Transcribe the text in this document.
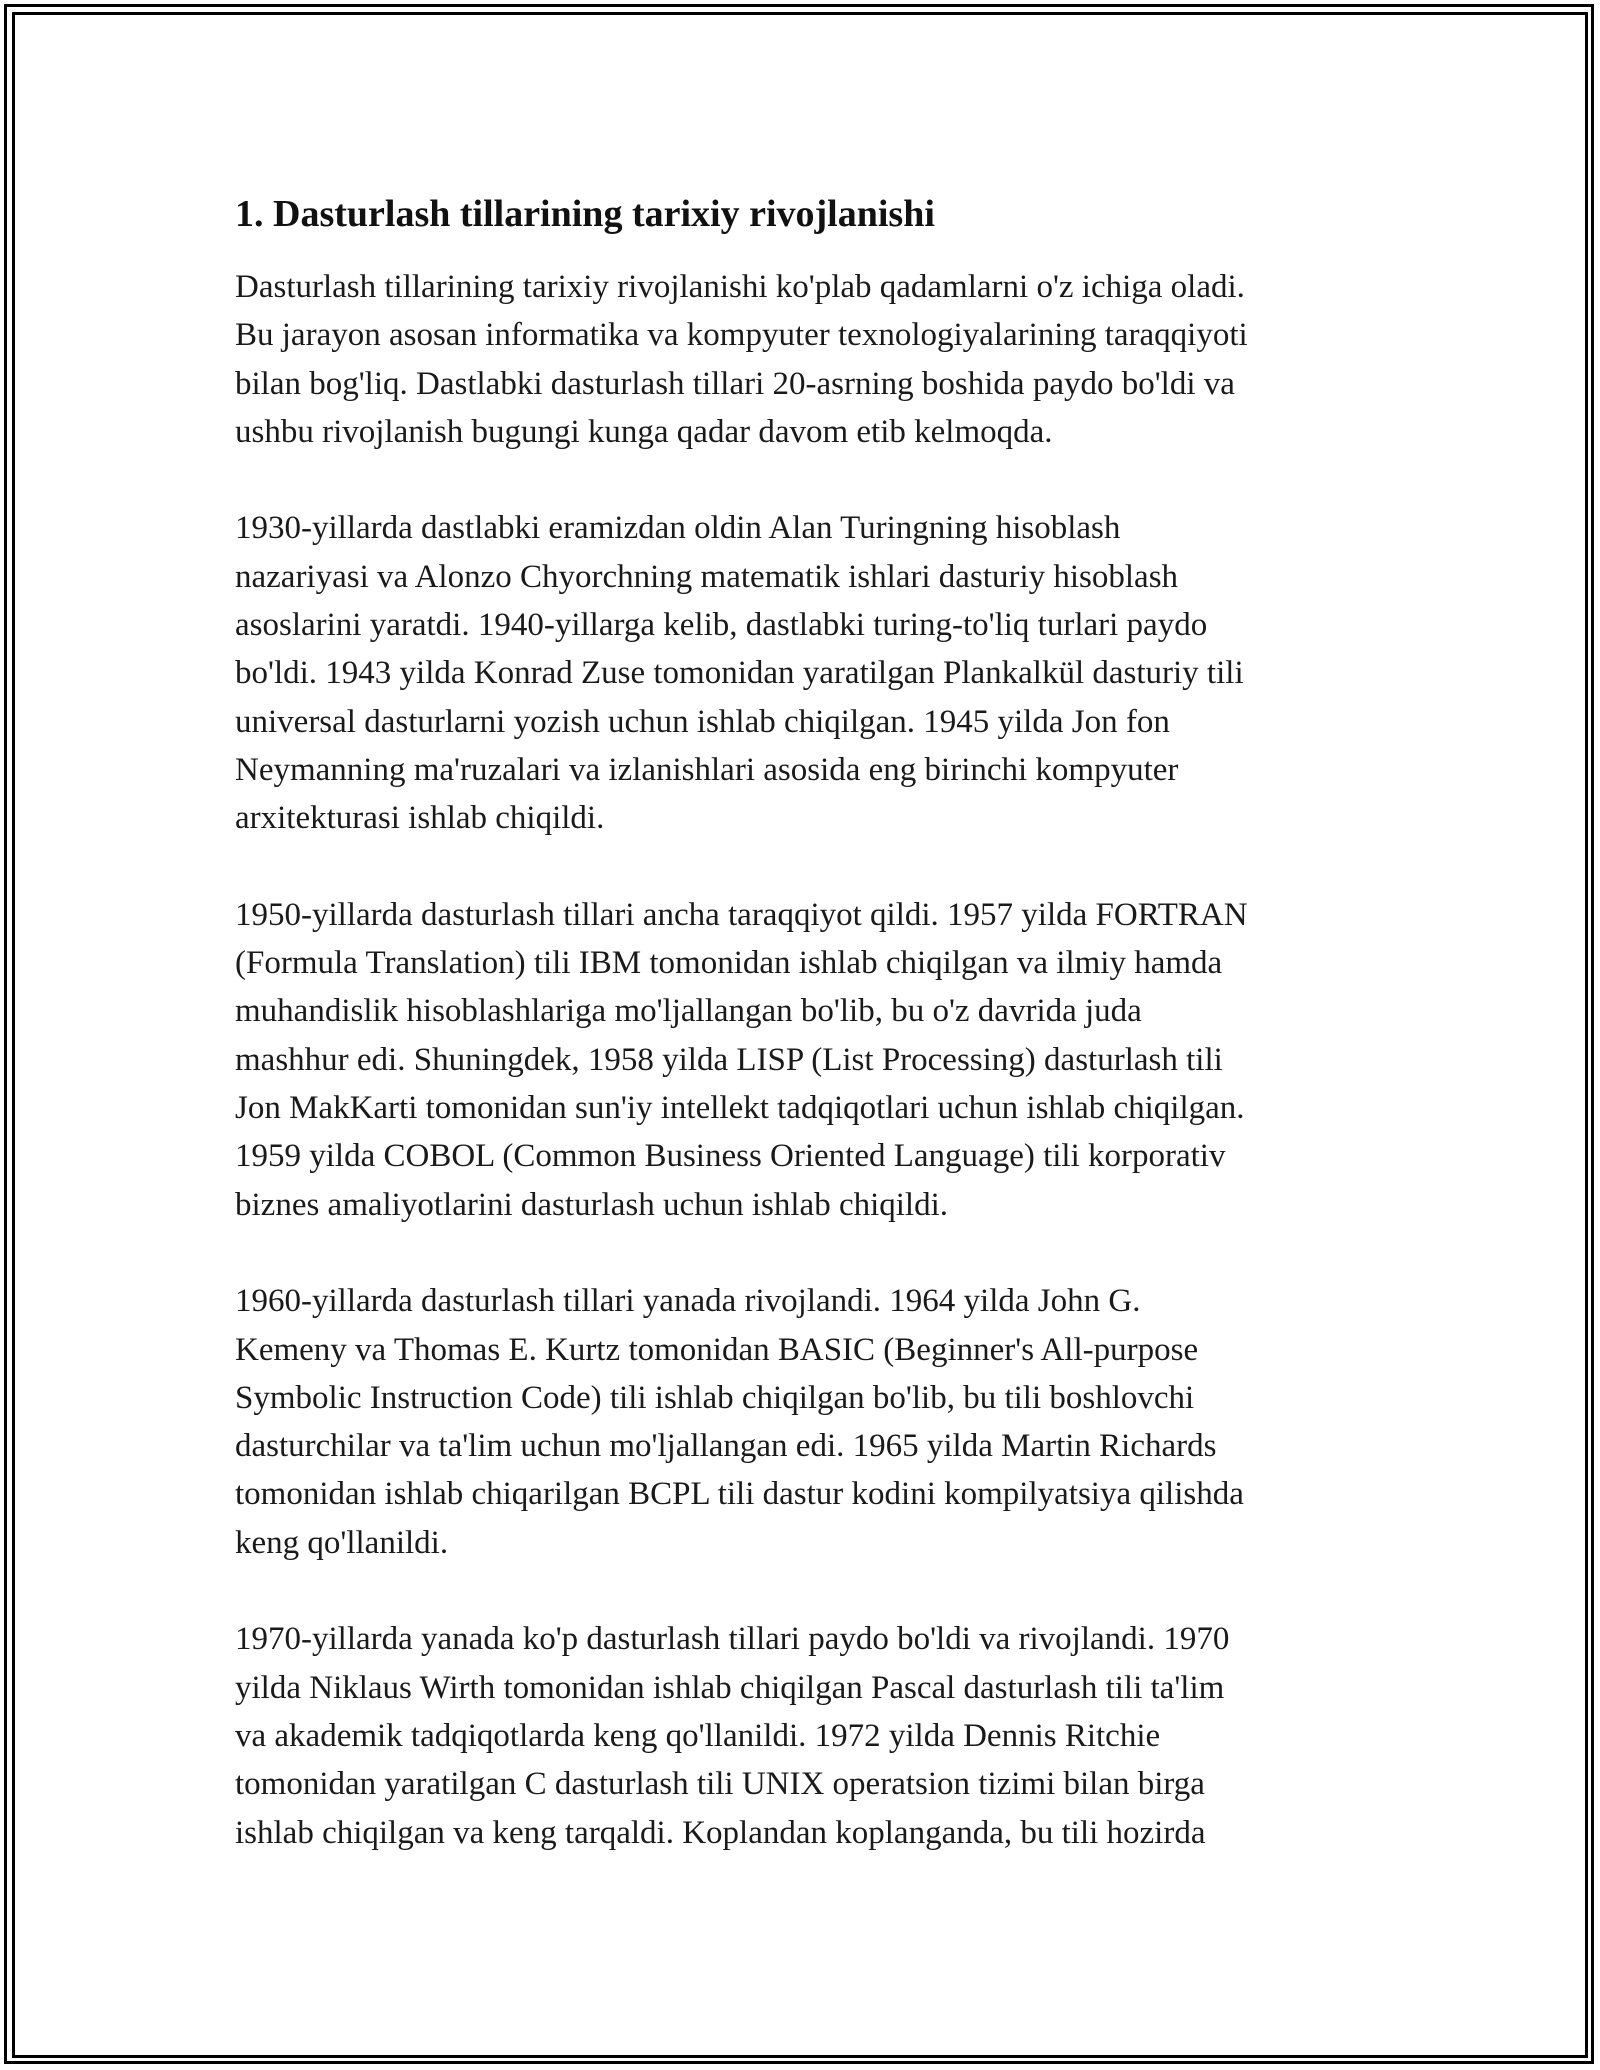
1. Dasturlash tillarining tarixiy rivojlanishi

Dasturlash tillarining tarixiy rivojlanishi ko'plab qadamlarni o'z ichiga oladi.
Bu jarayon asosan informatika va kompyuter texnologiyalarining taraqqiyoti
bilan bog'liq. Dastlabki dasturlash tillari 20-asrning boshida paydo bo'ldi va
ushbu rivojlanish bugungi kunga qadar davom etib kelmoqda.

1930-yillarda dastlabki eramizdan oldin Alan Turingning hisoblash
nazariyasi va Alonzo Chyorchning matematik ishlari dasturiy hisoblash
asoslarini yaratdi. 1940-yillarga kelib, dastlabki turing-to'liq turlari paydo
bo'ldi. 1943 yilda Konrad Zuse tomonidan yaratilgan Plankalkül dasturiy tili
universal dasturlarni yozish uchun ishlab chiqilgan. 1945 yilda Jon fon
Neymanning ma'ruzalari va izlanishlari asosida eng birinchi kompyuter
arxitekturasi ishlab chiqildi.

1950-yillarda dasturlash tillari ancha taraqqiyot qildi. 1957 yilda FORTRAN
(Formula Translation) tili IBM tomonidan ishlab chiqilgan va ilmiy hamda
muhandislik hisoblashlariga mo'ljallangan bo'lib, bu o'z davrida juda
mashhur edi. Shuningdek, 1958 yilda LISP (List Processing) dasturlash tili
Jon MakKarti tomonidan sun'iy intellekt tadqiqotlari uchun ishlab chiqilgan.
1959 yilda COBOL (Common Business Oriented Language) tili korporativ
biznes amaliyotlarini dasturlash uchun ishlab chiqildi.

1960-yillarda dasturlash tillari yanada rivojlandi. 1964 yilda John G.
Kemeny va Thomas E. Kurtz tomonidan BASIC (Beginner's All-purpose
Symbolic Instruction Code) tili ishlab chiqilgan bo'lib, bu tili boshlovchi
dasturchilar va ta'lim uchun mo'ljallangan edi. 1965 yilda Martin Richards
tomonidan ishlab chiqarilgan BCPL tili dastur kodini kompilyatsiya qilishda
keng qo'llanildi.

1970-yillarda yanada ko'p dasturlash tillari paydo bo'ldi va rivojlandi. 1970
yilda Niklaus Wirth tomonidan ishlab chiqilgan Pascal dasturlash tili ta'lim
va akademik tadqiqotlarda keng qo'llanildi. 1972 yilda Dennis Ritchie
tomonidan yaratilgan C dasturlash tili UNIX operatsion tizimi bilan birga
ishlab chiqilgan va keng tarqaldi. Koplandan koplanganda, bu tili hozirda
